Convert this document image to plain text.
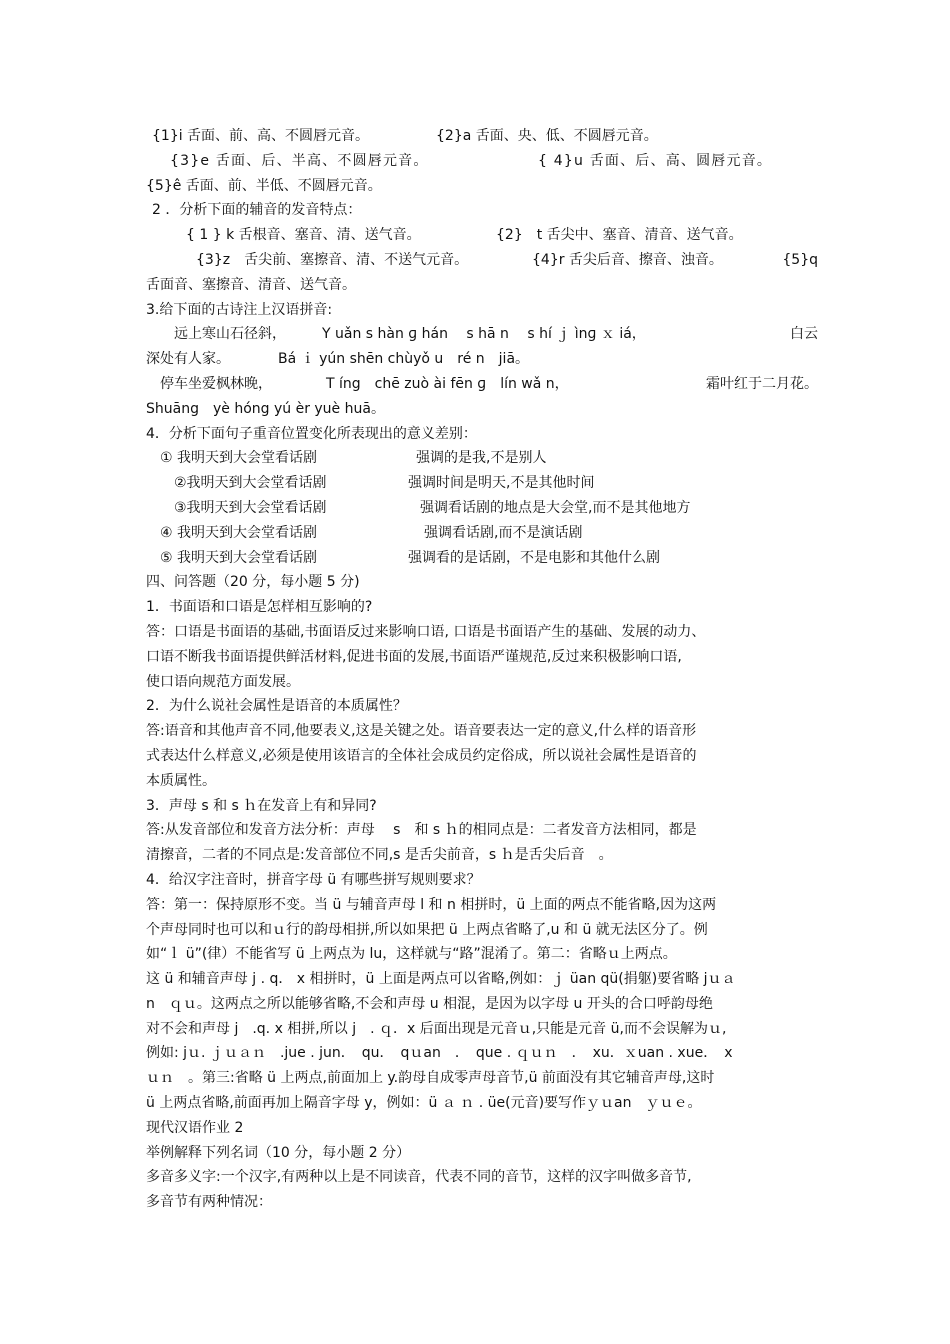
{1}i 舌面、前、高、不圆唇元音。	{2}a 舌面、央、低、不圆唇元音。
{3}e 舌面、后、半高、不圆唇元音。	{ 4}u 舌面、后、高、圆唇元音。
{5}ê 舌面、前、半低、不圆唇元音。
2 ．分析下面的辅音的发音特点：
{ 1 } k 舌根音、塞音、清、送气音。	{2}　t 舌尖中、塞音、清音、送气音。
{3}z　舌尖前、塞擦音、清、不送气元音。	{4}r 舌尖后音、擦音、浊音。	{5}q
舌面音、塞擦音、清音、送气音。
3.给下面的古诗注上汉语拼音:
远上寒山石径斜，	Y uǎn s hàn ɡ hán　 s hā n　 s hí ｊ ìnɡ ｘ iá，	白云
深处有人家。	Bá ｉ yún shēn chùyǒ u　ré n　jiā。
停车坐爱枫林晚，	T íng　chē zuò ài fēn ɡ　lín wǎ n，	霜叶红于二月花。
Shuāng　yè hóng yú èr yuè huā。
4．分析下面句子重音位置变化所表现出的意义差别：
① 我明天到大会堂看话剧	强调的是我,不是别人
②我明天到大会堂看话剧	强调时间是明天,不是其他时间
③我明天到大会堂看话剧	强调看话剧的地点是大会堂,而不是其他地方
④ 我明天到大会堂看话剧	强调看话剧,而不是演话剧
⑤ 我明天到大会堂看话剧	强调看的是话剧，不是电影和其他什么剧
四、问答题（20 分，每小题 5 分)
1．书面语和口语是怎样相互影响的?
答：口语是书面语的基础,书面语反过来影响口语, 口语是书面语产生的基础、发展的动力、
口语不断我书面语提供鲜活材料,促进书面的发展,书面语严谨规范,反过来积极影响口语,
使口语向规范方面发展。
2．为什么说社会属性是语音的本质属性？
答:语音和其他声音不同,他要表义,这是关键之处。语音要表达一定的意义,什么样的语音形
式表达什么样意义,必须是使用该语言的全体社会成员约定俗成，所以说社会属性是语音的
本质属性。
3．声母 s 和 s ｈ在发音上有和异同?
答:从发音部位和发音方法分析：声母　 s　和 s ｈ的相同点是：二者发音方法相同，都是
清擦音，二者的不同点是:发音部位不同,s 是舌尖前音，s ｈ是舌尖后音　。
4．给汉字注音时，拼音字母 ü 有哪些拼写规则要求？
答：第一：保持原形不变。当 ü 与辅音声母 l 和 n 相拼时，ü 上面的两点不能省略,因为这两
个声母同时也可以和ｕ行的韵母相拼,所以如果把 ü 上两点省略了,u 和 ü 就无法区分了。例
如“ｌ ü”(律）不能省写 ü 上两点为 lu，这样就与“路”混淆了。第二：省略ｕ上两点。
这 ü 和辅音声母 j . q． x 相拼时，ü 上面是两点可以省略,例如：ｊ üan qü(捐躯)要省略 jｕａ
n　ｑｕ。这两点之所以能够省略,不会和声母 u 相混，是因为以字母 u 开头的合口呼韵母绝
对不会和声母 j　.q. x 相拼,所以 j　. ｑ．x 后面出现是元音ｕ,只能是元音 ü,而不会误解为ｕ,
例如: jｕ. ｊｕａｎ　.jue . jun．　qu．　qｕan　．　que . ｑｕｎ　．　xu．ｘuan . xue．　x
ｕｎ　。第三:省略 ü 上两点,前面加上 y.韵母自成零声母音节,ü 前面没有其它辅音声母,这时
ü 上两点省略,前面再加上隔音字母 y，例如：ü ａ ｎ . üe(元音)要写作ｙｕan　ｙｕｅ。
现代汉语作业 2
举例解释下列名词（10 分，每小题 2 分）
多音多义字:一个汉字,有两种以上是不同读音，代表不同的音节，这样的汉字叫做多音节,
多音节有两种情况：
